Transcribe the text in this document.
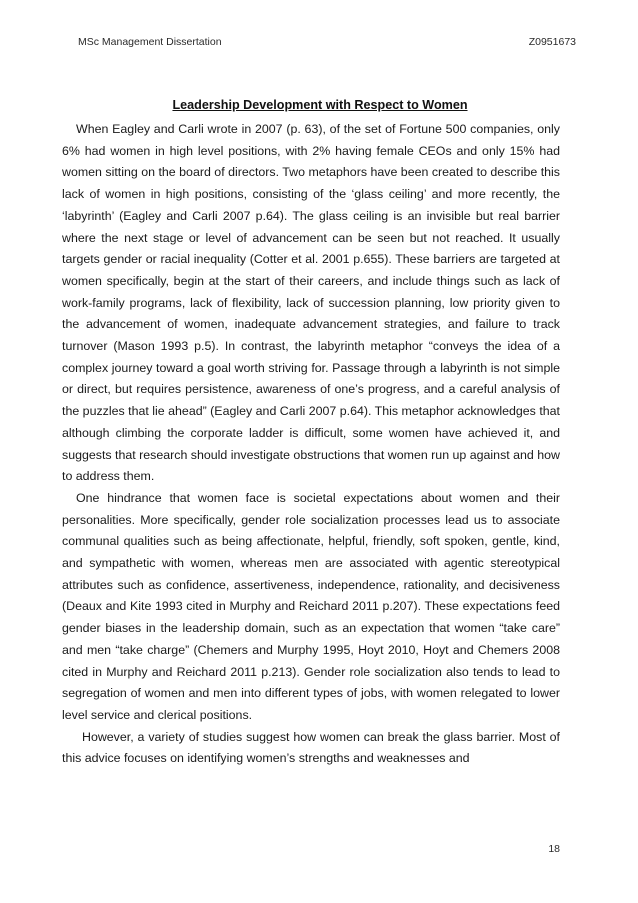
MSc Management Dissertation	Z0951673
Leadership Development with Respect to Women

When Eagley and Carli wrote in 2007 (p. 63), of the set of Fortune 500 companies, only 6% had women in high level positions, with 2% having female CEOs and only 15% had women sitting on the board of directors. Two metaphors have been created to describe this lack of women in high positions, consisting of the ‘glass ceiling’ and more recently, the ‘labyrinth’ (Eagley and Carli 2007 p.64). The glass ceiling is an invisible but real barrier where the next stage or level of advancement can be seen but not reached. It usually targets gender or racial inequality (Cotter et al. 2001 p.655). These barriers are targeted at women specifically, begin at the start of their careers, and include things such as lack of work-family programs, lack of flexibility, lack of succession planning, low priority given to the advancement of women, inadequate advancement strategies, and failure to track turnover (Mason 1993 p.5). In contrast, the labyrinth metaphor “conveys the idea of a complex journey toward a goal worth striving for. Passage through a labyrinth is not simple or direct, but requires persistence, awareness of one’s progress, and a careful analysis of the puzzles that lie ahead” (Eagley and Carli 2007 p.64). This metaphor acknowledges that although climbing the corporate ladder is difficult, some women have achieved it, and suggests that research should investigate obstructions that women run up against and how to address them.

One hindrance that women face is societal expectations about women and their personalities. More specifically, gender role socialization processes lead us to associate communal qualities such as being affectionate, helpful, friendly, soft spoken, gentle, kind, and sympathetic with women, whereas men are associated with agentic stereotypical attributes such as confidence, assertiveness, independence, rationality, and decisiveness (Deaux and Kite 1993 cited in Murphy and Reichard 2011 p.207). These expectations feed gender biases in the leadership domain, such as an expectation that women “take care” and men “take charge” (Chemers and Murphy 1995, Hoyt 2010, Hoyt and Chemers 2008 cited in Murphy and Reichard 2011 p.213). Gender role socialization also tends to lead to segregation of women and men into different types of jobs, with women relegated to lower level service and clerical positions.

However, a variety of studies suggest how women can break the glass barrier. Most of this advice focuses on identifying women’s strengths and weaknesses and

18
